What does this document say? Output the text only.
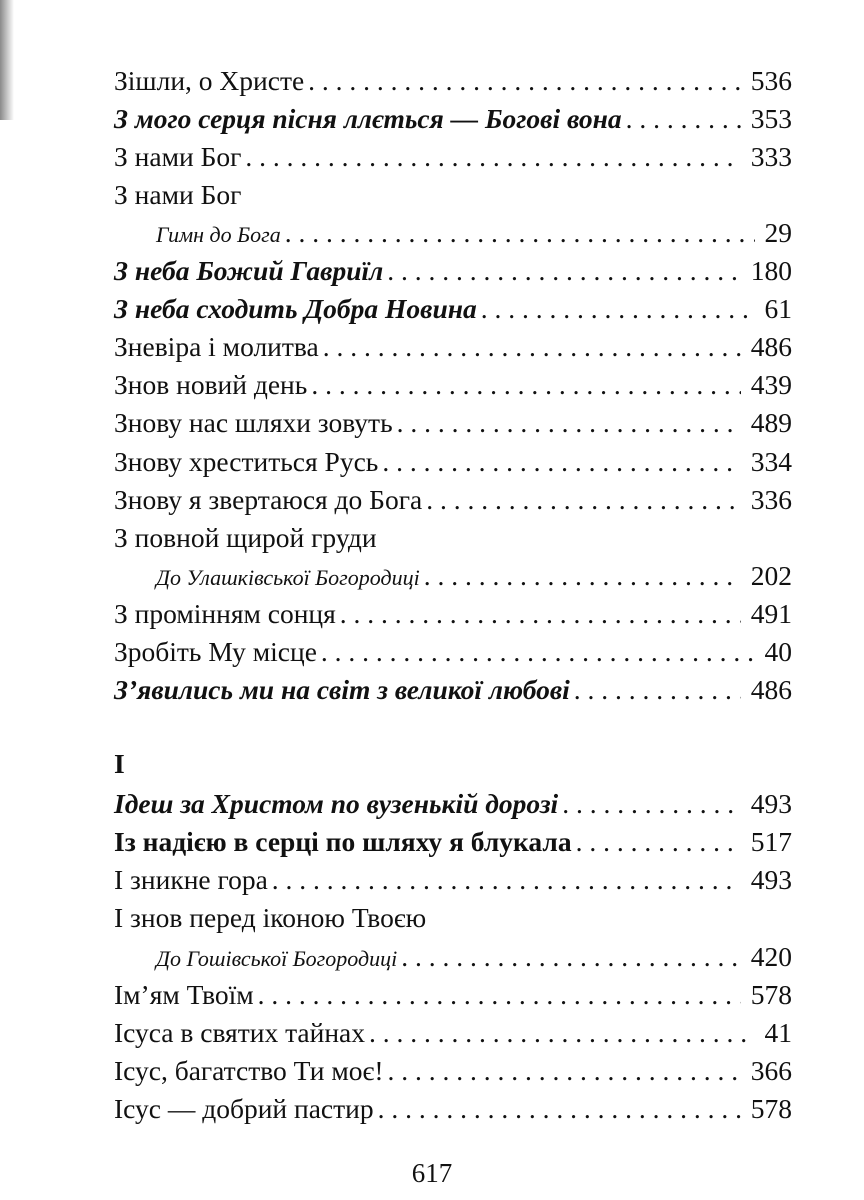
Зішли, о Христе . . .	536
З мого серця пісня ллється — Богові вона . . .	353
З нами Бог . . .	333
З нами Бог
Гимн до Бога . . .	29
З неба Божий Гавриїл . . .	180
З неба сходить Добра Новина . . .	61
Зневіра і молитва . . .	486
Знов новий день . . .	439
Знову нас шляхи зовуть . . .	489
Знову хреститься Русь . . .	334
Знову я звертаюся до Бога . . .	336
З повной щирой груди
До Улашківської Богородиці . . .	202
З промінням сонця . . .	491
Зробіть Му місце . . .	40
З’явились ми на світ з великої любові . . .	486
І
Ідеш за Христом по вузенькій дорозі . . .	493
Із надією в серці по шляху я блукала . . .	517
І зникне гора . . .	493
І знов перед іконою Твоєю
До Гошівської Богородиці . . .	420
Ім’ям Твоїм . . .	578
Ісуса в святих тайнах . . .	41
Ісус, багатство Ти моє! . . .	366
Ісус — добрий пастир . . .	578
617
